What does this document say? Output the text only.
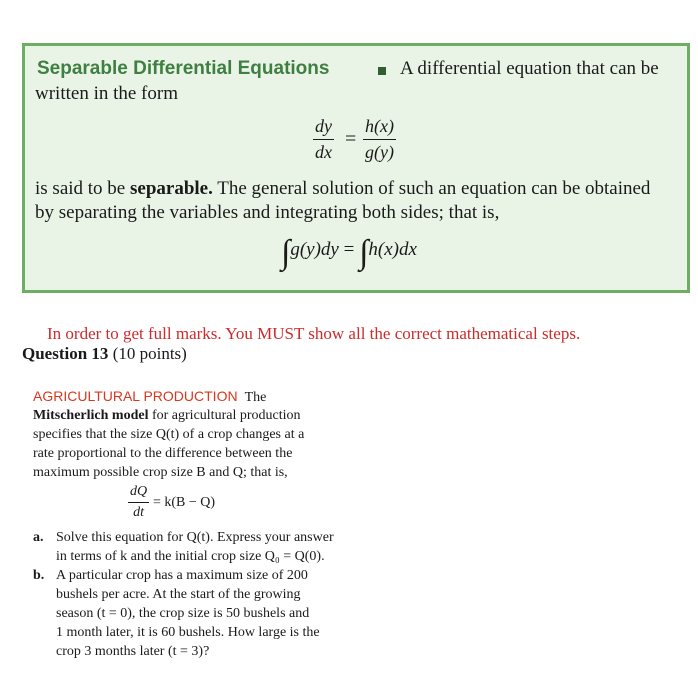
Separable Differential Equations	A differential equation that can be
written in the form
dy
dx
=
h(x)
g(y)
is said to be separable. The general solution of such an equation can be obtained
by separating the variables and integrating both sides; that is,
∫g(y)dy = ∫h(x)dx
In order to get full marks. You MUST show all the correct mathematical steps.
Question 13 (10 points)
AGRICULTURAL PRODUCTION The
Mitscherlich model for agricultural production
specifies that the size Q(t) of a crop changes at a
rate proportional to the difference between the
maximum possible crop size B and Q; that is,
dQ
dt
= k(B − Q)
a. Solve this equation for Q(t). Express your answer
in terms of k and the initial crop size Q₀ = Q(0).
b. A particular crop has a maximum size of 200
bushels per acre. At the start of the growing
season (t = 0), the crop size is 50 bushels and
1 month later, it is 60 bushels. How large is the
crop 3 months later (t = 3)?
